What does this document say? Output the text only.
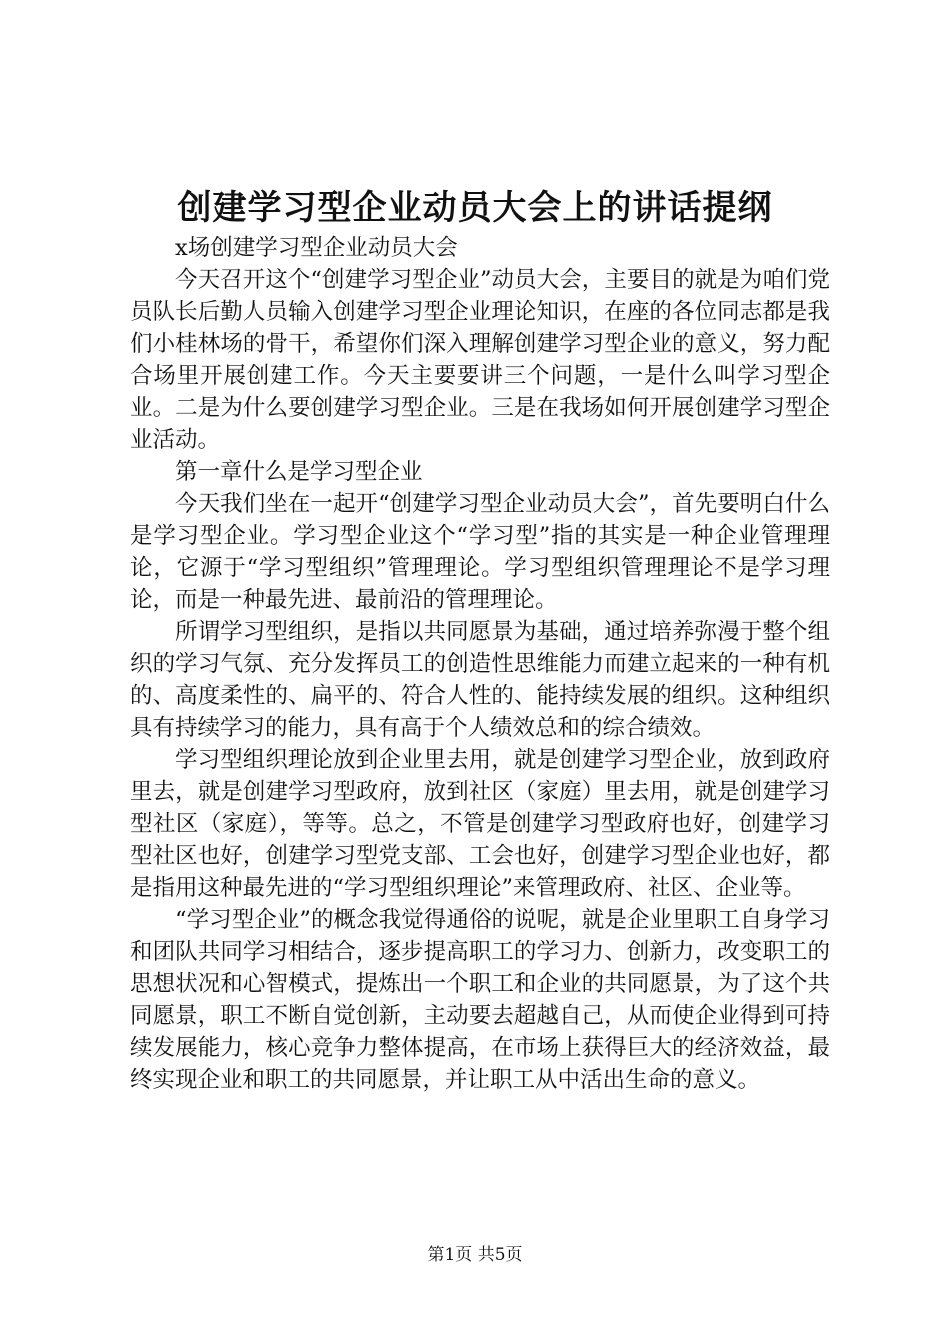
创建学习型企业动员大会上的讲话提纲

x场创建学习型企业动员大会

今天召开这个“创建学习型企业”动员大会，主要目的就是为咱们党员队长后勤人员输入创建学习型企业理论知识，在座的各位同志都是我们小桂林场的骨干，希望你们深入理解创建学习型企业的意义，努力配合场里开展创建工作。今天主要要讲三个问题，一是什么叫学习型企业。二是为什么要创建学习型企业。三是在我场如何开展创建学习型企业活动。

第一章什么是学习型企业

今天我们坐在一起开“创建学习型企业动员大会”，首先要明白什么是学习型企业。学习型企业这个“学习型”指的其实是一种企业管理理论，它源于“学习型组织”管理理论。学习型组织管理理论不是学习理论，而是一种最先进、最前沿的管理理论。

所谓学习型组织，是指以共同愿景为基础，通过培养弥漫于整个组织的学习气氛、充分发挥员工的创造性思维能力而建立起来的一种有机的、高度柔性的、扁平的、符合人性的、能持续发展的组织。这种组织具有持续学习的能力，具有高于个人绩效总和的综合绩效。

学习型组织理论放到企业里去用，就是创建学习型企业，放到政府里去，就是创建学习型政府，放到社区（家庭）里去用，就是创建学习型社区（家庭），等等。总之，不管是创建学习型政府也好，创建学习型社区也好，创建学习型党支部、工会也好，创建学习型企业也好，都是指用这种最先进的“学习型组织理论”来管理政府、社区、企业等。

“学习型企业”的概念我觉得通俗的说呢，就是企业里职工自身学习和团队共同学习相结合，逐步提高职工的学习力、创新力，改变职工的思想状况和心智模式，提炼出一个职工和企业的共同愿景，为了这个共同愿景，职工不断自觉创新，主动要去超越自己，从而使企业得到可持续发展能力，核心竞争力整体提高，在市场上获得巨大的经济效益，最终实现企业和职工的共同愿景，并让职工从中活出生命的意义。

第1页 共5页
